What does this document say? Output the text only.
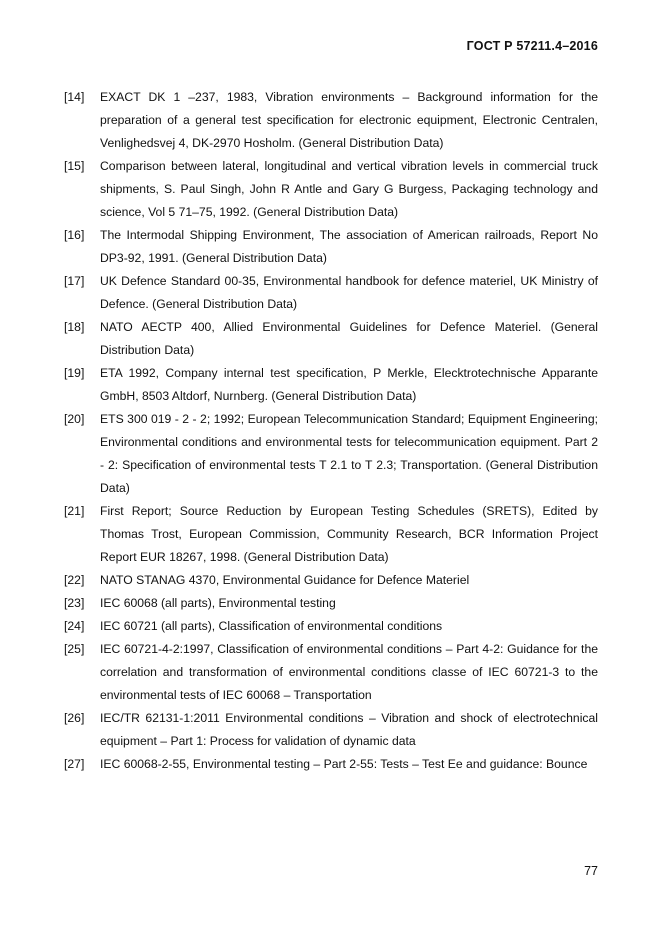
ГОСТ Р 57211.4–2016
[14]	EXACT DK 1 –237, 1983, Vibration environments – Background information for the preparation of a general test specification for electronic equipment, Electronic Centralen, Venlighedsvej 4, DK-2970 Hosholm. (General Distribution Data)
[15]	Comparison between lateral, longitudinal and vertical vibration levels in commercial truck shipments, S. Paul Singh, John R Antle and Gary G Burgess, Packaging technology and science, Vol 5 71–75, 1992. (General Distribution Data)
[16]	The Intermodal Shipping Environment, The association of American railroads, Report No DP3-92, 1991. (General Distribution Data)
[17]	UK Defence Standard 00-35, Environmental handbook for defence materiel, UK Ministry of Defence. (General Distribution Data)
[18]	NATO AECTP 400, Allied Environmental Guidelines for Defence Materiel. (General Distribution Data)
[19]	ETA 1992, Company internal test specification, P Merkle, Elecktrotechnische Apparante GmbH, 8503 Altdorf, Nurnberg. (General Distribution Data)
[20]	ETS 300 019 - 2 - 2; 1992; European Telecommunication Standard; Equipment Engineering; Environmental conditions and environmental tests for telecommunication equipment. Part 2 - 2: Specification of environmental tests T 2.1 to T 2.3; Transportation. (General Distribution Data)
[21]	First Report; Source Reduction by European Testing Schedules (SRETS), Edited by Thomas Trost, European Commission, Community Research, BCR Information Project Report EUR 18267, 1998. (General Distribution Data)
[22]	NATO STANAG 4370, Environmental Guidance for Defence Materiel
[23]	IEC 60068 (all parts), Environmental testing
[24]	IEC 60721 (all parts), Classification of environmental conditions
[25]	IEC 60721-4-2:1997, Classification of environmental conditions – Part 4-2: Guidance for the correlation and transformation of environmental conditions classe of IEC 60721-3 to the environmental tests of IEC 60068 – Transportation
[26]	IEC/TR 62131-1:2011 Environmental conditions – Vibration and shock of electrotechnical equipment – Part 1: Process for validation of dynamic data
[27]	IEC 60068-2-55, Environmental testing – Part 2-55: Tests – Test Ee and guidance: Bounce
77
